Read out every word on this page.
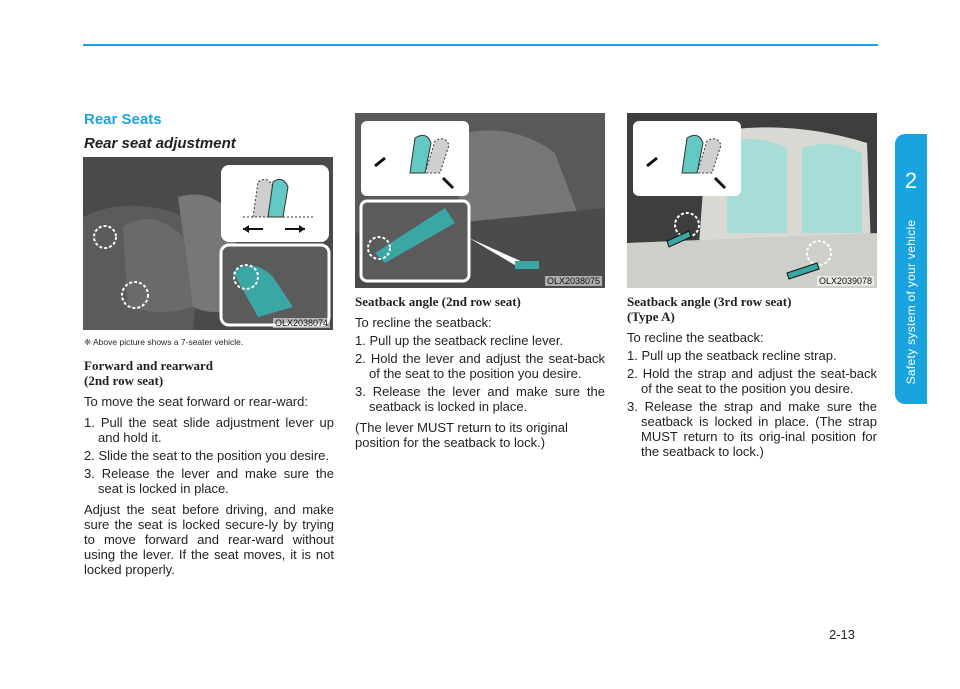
2
Safety system of your vehicle
Rear Seats
Rear seat adjustment
OLX2038074
❈ Above picture shows a 7-seater vehicle.
Forward and rearward
(2nd row seat)

To move the seat forward or rear-ward:

1. Pull the seat slide adjustment lever up and hold it.
2. Slide the seat to the position you desire.
3. Release the lever and make sure the seat is locked in place.

Adjust the seat before driving, and make sure the seat is locked secure-ly by trying to move forward and rear-ward without using the lever. If the seat moves, it is not locked properly.

OLX2038075
Seatback angle (2nd row seat)

To recline the seatback:

1. Pull up the seatback recline lever.
2. Hold the lever and adjust the seat-back of the seat to the position you desire.
3. Release the lever and make sure the seatback is locked in place.

(The lever MUST return to its original position for the seatback to lock.)

OLX2039078
Seatback angle (3rd row seat)
(Type A)

To recline the seatback:

1. Pull up the seatback recline strap.
2. Hold the strap and adjust the seat-back of the seat to the position you desire.
3. Release the strap and make sure the seatback is locked in place. (The strap MUST return to its orig-inal position for the seatback to lock.)
2-13
